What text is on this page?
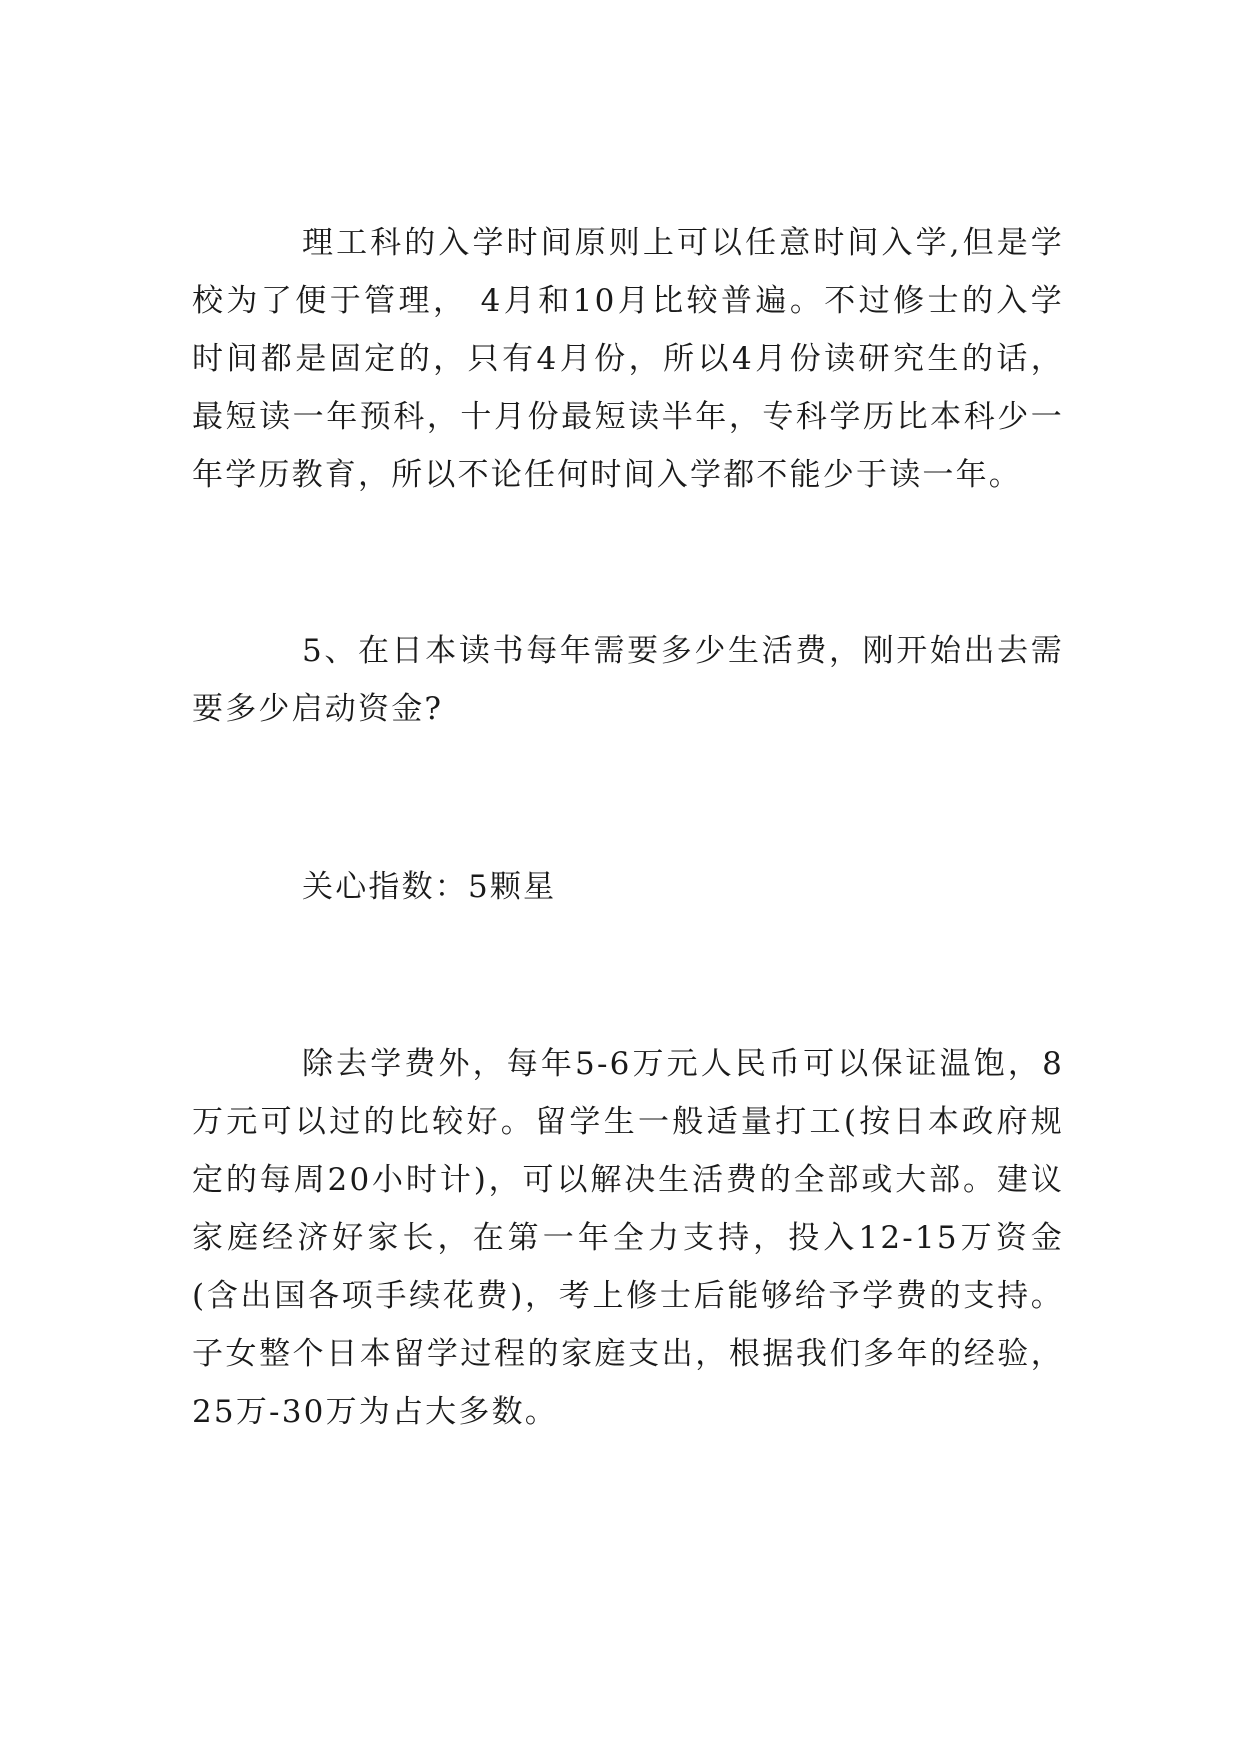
理工科的入学时间原则上可以任意时间入学,但是学校为了便于管理， 4月和10月比较普遍。不过修士的入学时间都是固定的，只有4月份，所以4月份读研究生的话，最短读一年预科，十月份最短读半年，专科学历比本科少一年学历教育，所以不论任何时间入学都不能少于读一年。

5、在日本读书每年需要多少生活费，刚开始出去需要多少启动资金?

关心指数：5颗星

除去学费外，每年5-6万元人民币可以保证温饱，8万元可以过的比较好。留学生一般适量打工(按日本政府规定的每周20小时计)，可以解决生活费的全部或大部。建议家庭经济好家长，在第一年全力支持，投入12-15万资金(含出国各项手续花费)，考上修士后能够给予学费的支持。子女整个日本留学过程的家庭支出，根据我们多年的经验，25万-30万为占大多数。
